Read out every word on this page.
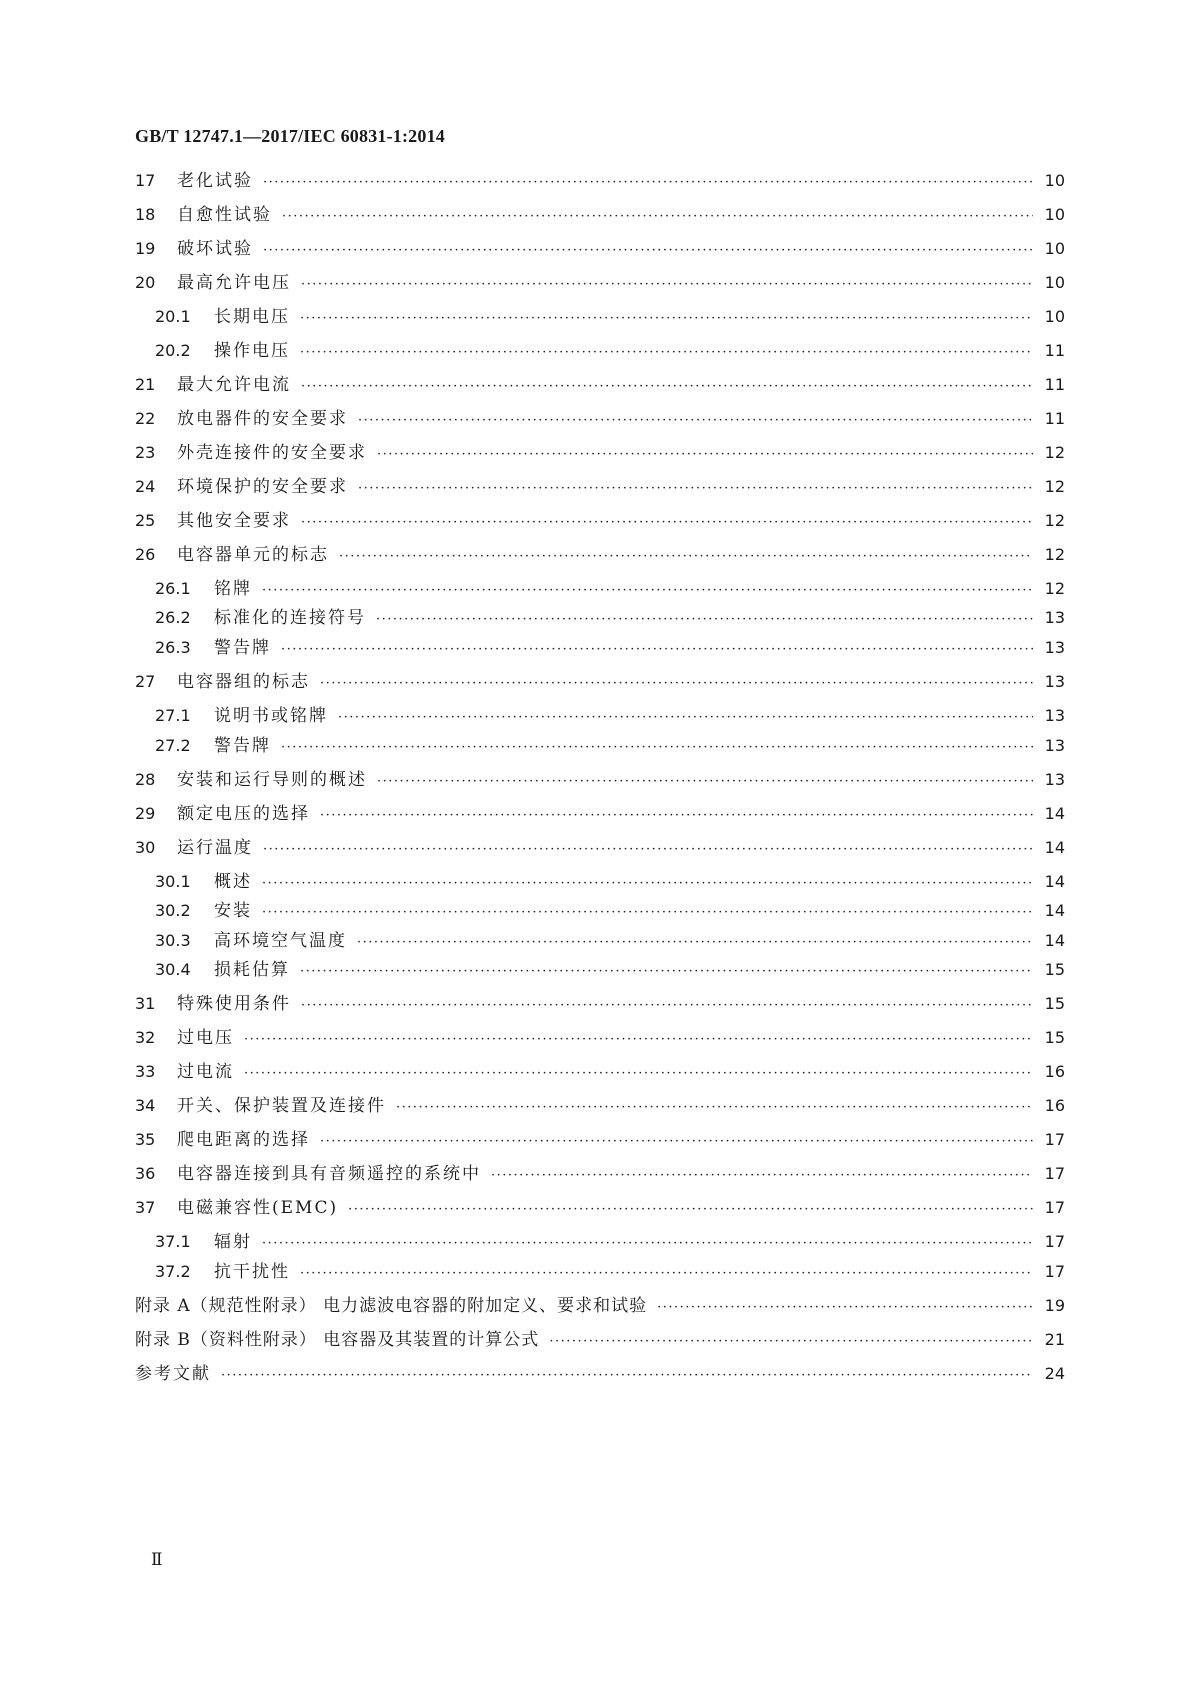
GB/T 12747.1—2017/IEC 60831-1:2014
17	老化试验 ·····	10
18	自愈性试验 ·····	10
19	破坏试验 ·····	10
20	最高允许电压 ·····	10
20.1	长期电压 ·····	10
20.2	操作电压 ·····	11
21	最大允许电流 ·····	11
22	放电器件的安全要求 ·····	11
23	外壳连接件的安全要求 ·····	12
24	环境保护的安全要求 ·····	12
25	其他安全要求 ·····	12
26	电容器单元的标志 ·····	12
26.1	铭牌 ·····	12
26.2	标准化的连接符号 ·····	13
26.3	警告牌 ·····	13
27	电容器组的标志 ·····	13
27.1	说明书或铭牌 ·····	13
27.2	警告牌 ·····	13
28	安装和运行导则的概述 ·····	13
29	额定电压的选择 ·····	14
30	运行温度 ·····	14
30.1	概述 ·····	14
30.2	安装 ·····	14
30.3	高环境空气温度 ·····	14
30.4	损耗估算 ·····	15
31	特殊使用条件 ·····	15
32	过电压 ·····	15
33	过电流 ·····	16
34	开关、保护装置及连接件 ·····	16
35	爬电距离的选择 ·····	17
36	电容器连接到具有音频遥控的系统中 ·····	17
37	电磁兼容性(EMC) ·····	17
37.1	辐射 ·····	17
37.2	抗干扰性 ·····	17
附录 A（规范性附录） 电力滤波电容器的附加定义、要求和试验 ·····	19
附录 B（资料性附录） 电容器及其装置的计算公式 ·····	21
参考文献 ·····	24
Ⅱ
